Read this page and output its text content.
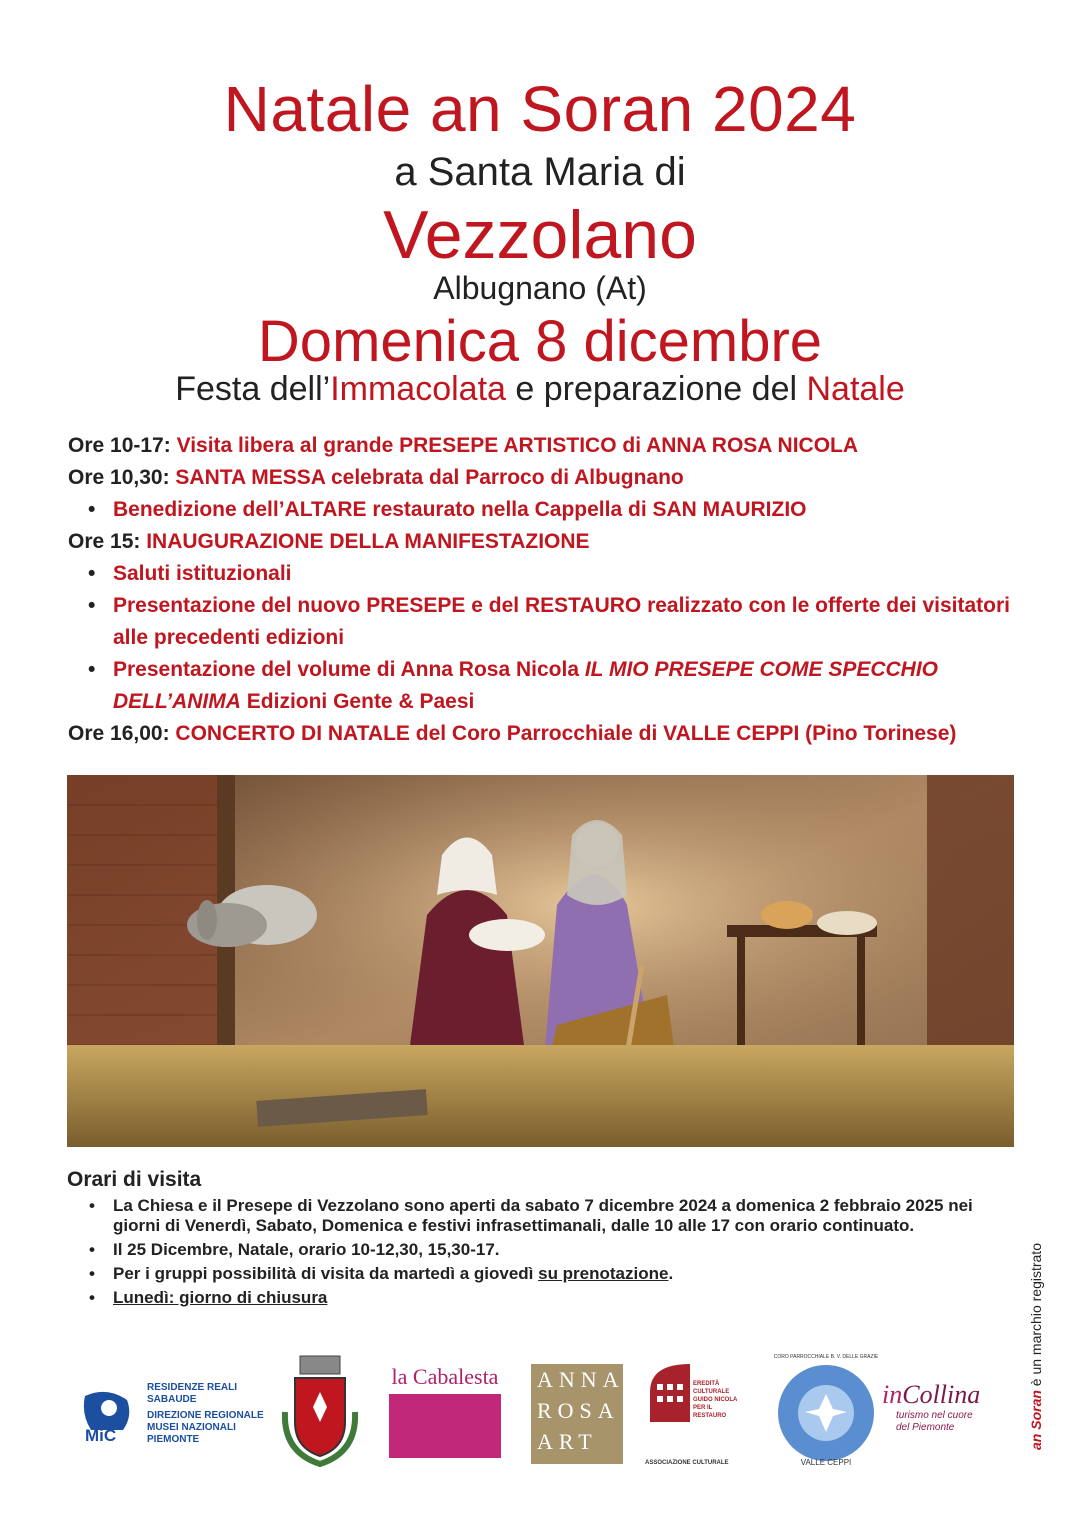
Natale an Soran 2024
a Santa Maria di
Vezzolano
Albugnano (At)
Domenica 8 dicembre
Festa dell’Immacolata e preparazione del Natale
Ore 10-17: Visita libera al grande PRESEPE ARTISTICO di ANNA ROSA NICOLA
Ore 10,30: SANTA MESSA celebrata dal Parroco di Albugnano
• Benedizione dell’ALTARE restaurato nella Cappella di SAN MAURIZIO
Ore 15: INAUGURAZIONE DELLA MANIFESTAZIONE
• Saluti istituzionali
• Presentazione del nuovo PRESEPE e del RESTAURO realizzato con le offerte dei visitatori alle precedenti edizioni
• Presentazione del volume di Anna Rosa Nicola IL MIO PRESEPE COME SPECCHIO DELL’ANIMA Edizioni Gente & Paesi
Ore 16,00: CONCERTO DI NATALE del Coro Parrocchiale di VALLE CEPPI (Pino Torinese)
Orari di visita
• La Chiesa e il Presepe di Vezzolano sono aperti da sabato 7 dicembre 2024 a domenica 2 febbraio 2025 nei giorni di Venerdì, Sabato, Domenica e festivi infrasettimanali, dalle 10 alle 17 con orario continuato.
• Il 25 Dicembre, Natale, orario 10-12,30, 15,30-17.
• Per i gruppi possibilità di visita da martedì a giovedì su prenotazione.
• Lunedì: giorno di chiusura
an Soran è un marchio registrato
MiC
RESIDENZE REALI
SABAUDE
DIREZIONE REGIONALE
MUSEI NAZIONALI
PIEMONTE
la Cabalesta ANNA
ROSA
ART
EREDITÀ CULTURALE
GUIDO NICOLA
PER IL RESTAURO
ASSOCIAZIONE CULTURALE
CORO PARROCCHIALE B. V. DELLE GRAZIE
VALLE CEPPI
inCollina
turismo nel cuore
del Piemonte
